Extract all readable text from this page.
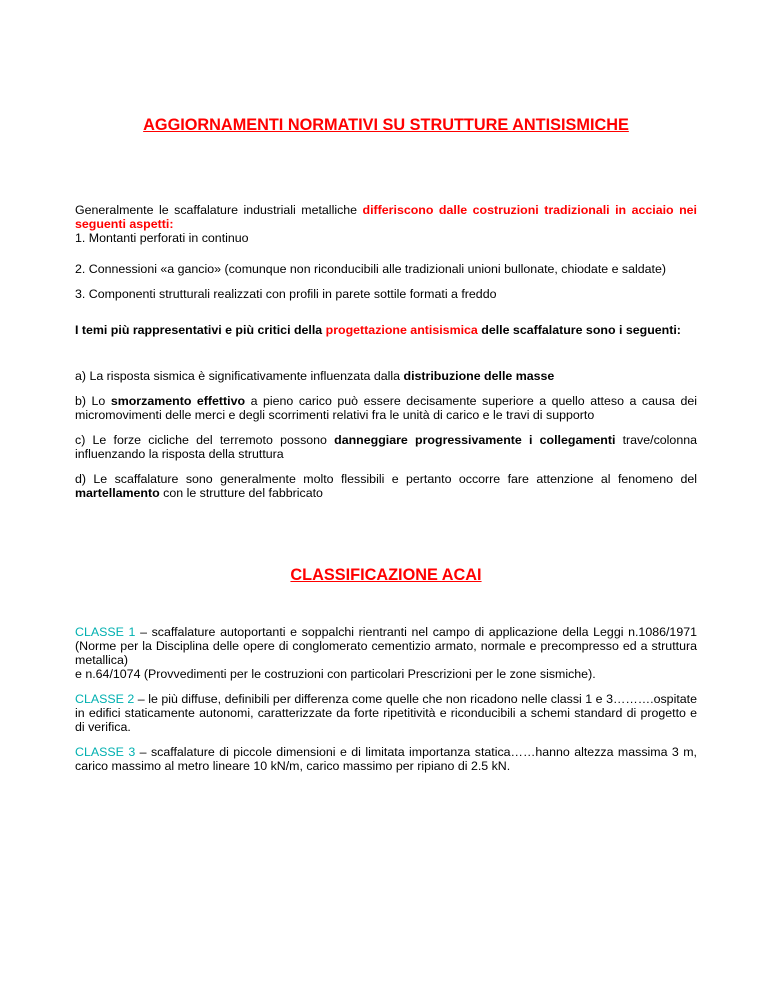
AGGIORNAMENTI NORMATIVI SU STRUTTURE ANTISISMICHE

Generalmente le scaffalature industriali metalliche differiscono dalle costruzioni tradizionali in acciaio nei seguenti aspetti:
1. Montanti perforati in continuo

2. Connessioni «a gancio» (comunque non riconducibili alle tradizionali unioni bullonate, chiodate e saldate)

3. Componenti strutturali realizzati con profili in parete sottile formati a freddo

I temi più rappresentativi e più critici della progettazione antisismica delle scaffalature sono i seguenti:

a) La risposta sismica è significativamente influenzata dalla distribuzione delle masse

b) Lo smorzamento effettivo a pieno carico può essere decisamente superiore a quello atteso a causa dei micromovimenti delle merci e degli scorrimenti relativi fra le unità di carico e le travi di supporto

c) Le forze cicliche del terremoto possono danneggiare progressivamente i collegamenti trave/colonna influenzando la risposta della struttura

d) Le scaffalature sono generalmente molto flessibili e pertanto occorre fare attenzione al fenomeno del martellamento con le strutture del fabbricato

CLASSIFICAZIONE ACAI

CLASSE 1 – scaffalature autoportanti e soppalchi rientranti nel campo di applicazione della Leggi n.1086/1971 (Norme per la Disciplina delle opere di conglomerato cementizio armato, normale e precompresso ed a struttura metallica)
e n.64/1074 (Provvedimenti per le costruzioni con particolari Prescrizioni per le zone sismiche).

CLASSE 2 – le più diffuse, definibili per differenza come quelle che non ricadono nelle classi 1 e 3……….ospitate in edifici staticamente autonomi, caratterizzate da forte ripetitività e riconducibili a schemi standard di progetto e di verifica.

CLASSE 3 – scaffalature di piccole dimensioni e di limitata importanza statica……hanno altezza massima 3 m, carico massimo al metro lineare 10 kN/m, carico massimo per ripiano di 2.5 kN.
